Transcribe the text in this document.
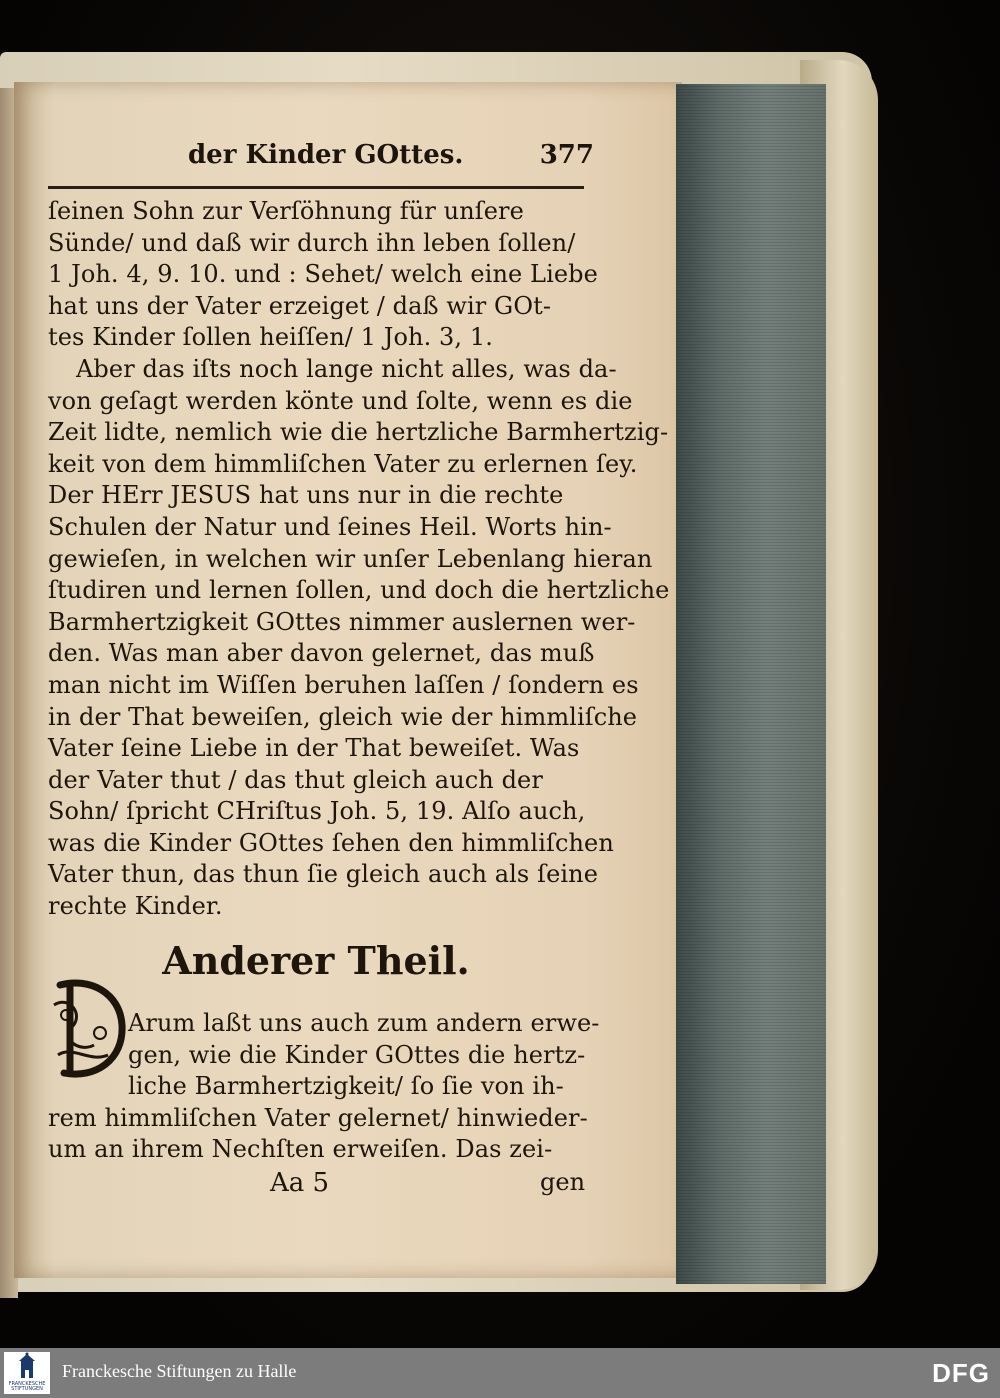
der Kinder GOttes.	377
ſeinen Sohn zur Verſöhnung für unſere
Sünde/ und daß wir durch ihn leben ſollen/
1 Joh. 4, 9. 10. und : Sehet/ welch eine Liebe
hat uns der Vater erzeiget / daß wir GOt-
tes Kinder ſollen heiſſen/ 1 Joh. 3, 1.
Aber das iſts noch lange nicht alles, was da-
von geſagt werden könte und ſolte, wenn es die
Zeit lidte, nemlich wie die hertzliche Barmhertzig-
keit von dem himmliſchen Vater zu erlernen ſey.
Der HErr JESUS hat uns nur in die rechte
Schulen der Natur und ſeines Heil. Worts hin-
gewieſen, in welchen wir unſer Lebenlang hieran
ſtudiren und lernen ſollen, und doch die hertzliche
Barmhertzigkeit GOttes nimmer auslernen wer-
den. Was man aber davon gelernet, das muß
man nicht im Wiſſen beruhen laſſen / ſondern es
in der That beweiſen, gleich wie der himmliſche
Vater ſeine Liebe in der That beweiſet. Was
der Vater thut / das thut gleich auch der
Sohn/ ſpricht CHriſtus Joh. 5, 19. Alſo auch,
was die Kinder GOttes ſehen den himmliſchen
Vater thun, das thun ſie gleich auch als ſeine
rechte Kinder.
Anderer Theil.
Arum laßt uns auch zum andern erwe-
gen, wie die Kinder GOttes die hertz-
liche Barmhertzigkeit/ ſo ſie von ih-
rem himmliſchen Vater gelernet/ hinwieder-
um an ihrem Nechſten erweiſen. Das zei-
Aa 5	gen
FRANCKESCHE STIFTUNGEN
Franckesche Stiftungen zu Halle	DFG
